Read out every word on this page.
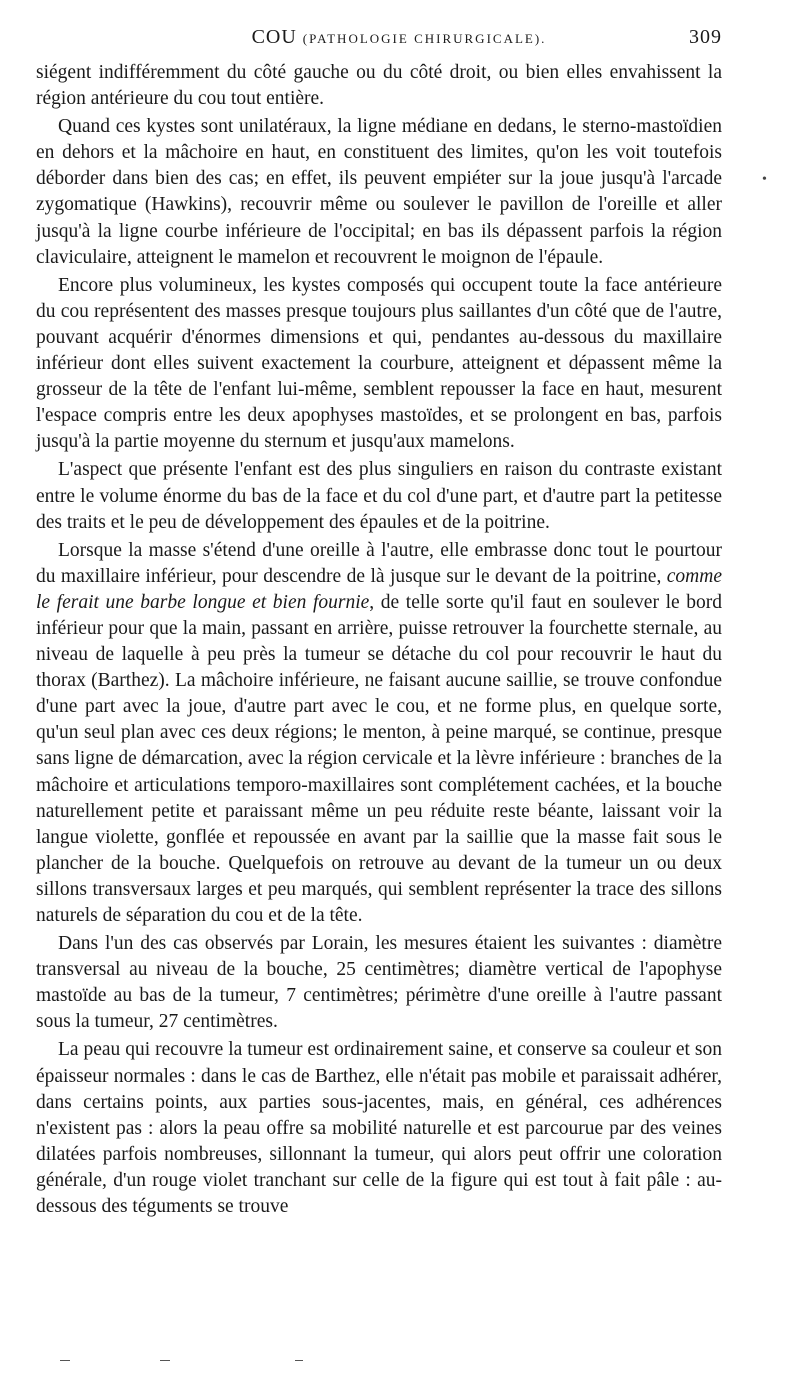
COU (PATHOLOGIE CHIRURGICALE).	309

siégent indifféremment du côté gauche ou du côté droit, ou bien elles envahissent la région antérieure du cou tout entière.

Quand ces kystes sont unilatéraux, la ligne médiane en dedans, le sterno-mastoïdien en dehors et la mâchoire en haut, en constituent des limites, qu'on les voit toutefois déborder dans bien des cas; en effet, ils peuvent empiéter sur la joue jusqu'à l'arcade zygomatique (Hawkins), recouvrir même ou soulever le pavillon de l'oreille et aller jusqu'à la ligne courbe inférieure de l'occipital; en bas ils dépassent parfois la région claviculaire, atteignent le mamelon et recouvrent le moignon de l'épaule.

Encore plus volumineux, les kystes composés qui occupent toute la face antérieure du cou représentent des masses presque toujours plus saillantes d'un côté que de l'autre, pouvant acquérir d'énormes dimensions et qui, pendantes au-dessous du maxillaire inférieur dont elles suivent exactement la courbure, atteignent et dépassent même la grosseur de la tête de l'enfant lui-même, semblent repousser la face en haut, mesurent l'espace compris entre les deux apophyses mastoïdes, et se prolongent en bas, parfois jusqu'à la partie moyenne du sternum et jusqu'aux mamelons.

L'aspect que présente l'enfant est des plus singuliers en raison du contraste existant entre le volume énorme du bas de la face et du col d'une part, et d'autre part la petitesse des traits et le peu de développement des épaules et de la poitrine.

Lorsque la masse s'étend d'une oreille à l'autre, elle embrasse donc tout le pourtour du maxillaire inférieur, pour descendre de là jusque sur le devant de la poitrine, comme le ferait une barbe longue et bien fournie, de telle sorte qu'il faut en soulever le bord inférieur pour que la main, passant en arrière, puisse retrouver la fourchette sternale, au niveau de laquelle à peu près la tumeur se détache du col pour recouvrir le haut du thorax (Barthez). La mâchoire inférieure, ne faisant aucune saillie, se trouve confondue d'une part avec la joue, d'autre part avec le cou, et ne forme plus, en quelque sorte, qu'un seul plan avec ces deux régions; le menton, à peine marqué, se continue, presque sans ligne de démarcation, avec la région cervicale et la lèvre inférieure : branches de la mâchoire et articulations temporo-maxillaires sont complétement cachées, et la bouche naturellement petite et paraissant même un peu réduite reste béante, laissant voir la langue violette, gonflée et repoussée en avant par la saillie que la masse fait sous le plancher de la bouche. Quelquefois on retrouve au devant de la tumeur un ou deux sillons transversaux larges et peu marqués, qui semblent représenter la trace des sillons naturels de séparation du cou et de la tête.

Dans l'un des cas observés par Lorain, les mesures étaient les suivantes : diamètre transversal au niveau de la bouche, 25 centimètres; diamètre vertical de l'apophyse mastoïde au bas de la tumeur, 7 centimètres; périmètre d'une oreille à l'autre passant sous la tumeur, 27 centimètres.

La peau qui recouvre la tumeur est ordinairement saine, et conserve sa couleur et son épaisseur normales : dans le cas de Barthez, elle n'était pas mobile et paraissait adhérer, dans certains points, aux parties sous-jacentes, mais, en général, ces adhérences n'existent pas : alors la peau offre sa mobilité naturelle et est parcourue par des veines dilatées parfois nombreuses, sillonnant la tumeur, qui alors peut offrir une coloration générale, d'un rouge violet tranchant sur celle de la figure qui est tout à fait pâle : au-dessous des téguments se trouve

•
